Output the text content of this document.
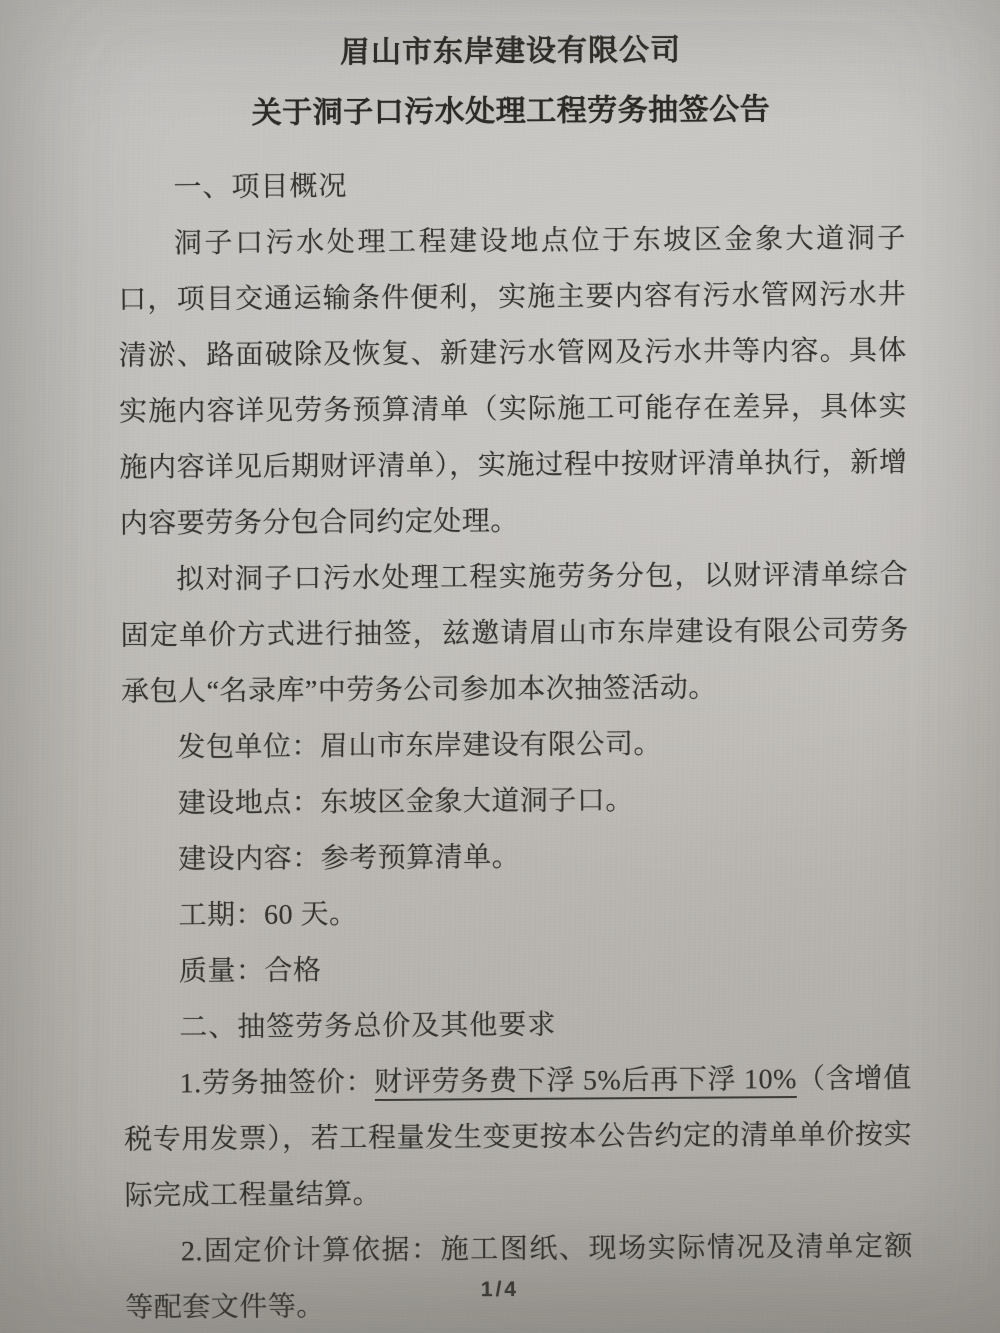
眉山市东岸建设有限公司
关于洞子口污水处理工程劳务抽签公告

一、项目概况

洞子口污水处理工程建设地点位于东坡区金象大道洞子口，项目交通运输条件便利，实施主要内容有污水管网污水井清淤、路面破除及恢复、新建污水管网及污水井等内容。具体实施内容详见劳务预算清单（实际施工可能存在差异，具体实施内容详见后期财评清单），实施过程中按财评清单执行，新增内容要劳务分包合同约定处理。

拟对洞子口污水处理工程实施劳务分包，以财评清单综合固定单价方式进行抽签，兹邀请眉山市东岸建设有限公司劳务承包人“名录库”中劳务公司参加本次抽签活动。

发包单位：眉山市东岸建设有限公司。

建设地点：东坡区金象大道洞子口。

建设内容：参考预算清单。

工期：60 天。

质量：合格

二、抽签劳务总价及其他要求

1.劳务抽签价：财评劳务费下浮 5%后再下浮 10%（含增值税专用发票），若工程量发生变更按本公告约定的清单单价按实际完成工程量结算。

2.固定价计算依据：施工图纸、现场实际情况及清单定额等配套文件等。

1/4
